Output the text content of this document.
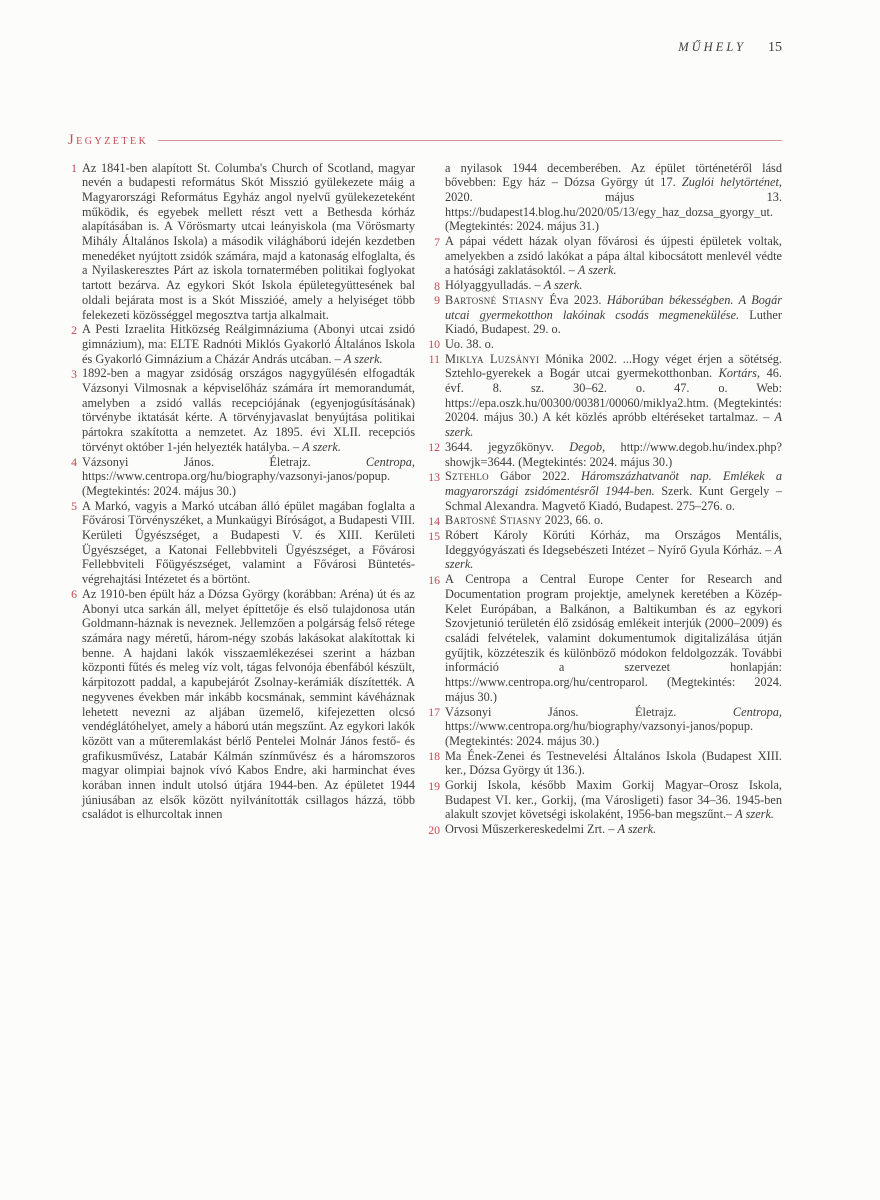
MŰHELY 15
Jegyzetek
1 Az 1841-ben alapított St. Columba's Church of Scotland, magyar nevén a budapesti református Skót Misszió gyülekezete máig a Magyarországi Református Egyház angol nyelvű gyülekezeteként működik, és egyebek mellett részt vett a Bethesda kórház alapításában is. A Vörösmarty utcai leányiskola (ma Vörösmarty Mihály Általános Iskola) a második világháború idején kezdetben menedéket nyújtott zsidók számára, majd a katonaság elfoglalta, és a Nyilaskeresztes Párt az iskola tornatermében politikai foglyokat tartott bezárva. Az egykori Skót Iskola épületegyüttesének bal oldali bejárata most is a Skót Misszióé, amely a helyiséget több felekezeti közösséggel megosztva tartja alkalmait.
2 A Pesti Izraelita Hitközség Reálgimnáziuma (Abonyi utcai zsidó gimnázium), ma: ELTE Radnóti Miklós Gyakorló Általános Iskola és Gyakorló Gimnázium a Cházár András utcában. – A szerk.
3 1892-ben a magyar zsidóság országos nagygyűlésén elfogadták Vázsonyi Vilmosnak a képviselőház számára írt memorandumát, amelyben a zsidó vallás recepciójának (egyenjogúsításának) törvénybe iktatását kérte. A törvényjavaslat benyújtása politikai pártokra szakította a nemzetet. Az 1895. évi XLII. recepciós törvényt október 1-jén helyezték hatályba. – A szerk.
4 Vázsonyi János. Életrajz. Centropa, https://www.centropa.org/hu/biography/vazsonyi-janos/popup. (Megtekintés: 2024. május 30.)
5 A Markó, vagyis a Markó utcában álló épület magában foglalta a Fővárosi Törvényszéket, a Munkaügyi Bíróságot, a Budapesti VIII. Kerületi Ügyészséget, a Budapesti V. és XIII. Kerületi Ügyészséget, a Katonai Fellebbviteli Ügyészséget, a Fővárosi Fellebbviteli Főügyészséget, valamint a Fővárosi Büntetés-végrehajtási Intézetet és a börtönt.
6 Az 1910-ben épült ház a Dózsa György (korábban: Aréna) út és az Abonyi utca sarkán áll, melyet építtetője és első tulajdonosa után Goldmann-háznak is neveznek. Jellemzően a polgárság felső rétege számára nagy méretű, három-négy szobás lakásokat alakítottak ki benne. A hajdani lakók visszaemlékezései szerint a házban központi fűtés és meleg víz volt, tágas felvonója ébenfából készült, kárpitozott paddal, a kapubejárót Zsolnay-kerámiák díszítették. A negyvenes években már inkább kocsmának, semmint kávéháznak lehetett nevezni az aljában üzemelő, kifejezetten olcsó vendéglátóhelyet, amely a háború után megszűnt. Az egykori lakók között van a műteremlakást bérlő Pentelei Molnár János festő- és grafikusművész, Latabár Kálmán színművész és a háromszoros magyar olimpiai bajnok vívó Kabos Endre, aki harminchat éves korában innen indult utolsó útjára 1944-ben. Az épületet 1944 júniusában az elsők között nyilvánították csillagos házzá, több családot is elhurcoltak innen
a nyilasok 1944 decemberében. Az épület történetéről lásd bővebben: Egy ház – Dózsa György út 17. Zuglói helytörténet, 2020. május 13. https://budapest14.blog.hu/2020/05/13/egy_haz_dozsa_gyorgy_ut. (Megtekintés: 2024. május 31.)
7 A pápai védett házak olyan fővárosi és újpesti épületek voltak, amelyekben a zsidó lakókat a pápa által kibocsátott menlevél védte a hatósági zaklatásoktól. – A szerk.
8 Hólyaggyulladás. – A szerk.
9 Bartosné Stiasny Éva 2023. Háborúban békességben. A Bogár utcai gyermekotthon lakóinak csodás megmenekülése. Luther Kiadó, Budapest. 29. o.
10 Uo. 38. o.
11 Miklya Luzsányi Mónika 2002. ...Hogy véget érjen a sötétség. Sztehlo-gyerekek a Bogár utcai gyermekotthonban. Kortárs, 46. évf. 8. sz. 30–62. o. 47. o. Web: https://epa.oszk.hu/00300/00381/00060/miklya2.htm. (Megtekintés: 20204. május 30.) A két közlés apróbb eltéréseket tartalmaz. – A szerk.
12 3644. jegyzőkönyv. Degob, http://www.degob.hu/index.php?showjk=3644. (Megtekintés: 2024. május 30.)
13 Sztehlo Gábor 2022. Háromszázhatvanöt nap. Emlékek a magyarországi zsidómentésről 1944-ben. Szerk. Kunt Gergely – Schmal Alexandra. Magvető Kiadó, Budapest. 275–276. o.
14 Bartosné Stiasny 2023, 66. o.
15 Róbert Károly Körúti Kórház, ma Országos Mentális, Ideggyógyászati és Idegsebészeti Intézet – Nyírő Gyula Kórház. – A szerk.
16 A Centropa a Central Europe Center for Research and Documentation program projektje, amelynek keretében a Közép-Kelet Európában, a Balkánon, a Baltikumban és az egykori Szovjetunió területén élő zsidóság emlékeit interjúk (2000–2009) és családi felvételek, valamint dokumentumok digitalizálása útján gyűjtik, közzéteszik és különböző módokon feldolgozzák. További információ a szervezet honlapján: https://www.centropa.org/hu/centroparol. (Megtekintés: 2024. május 30.)
17 Vázsonyi János. Életrajz. Centropa, https://www.centropa.org/hu/biography/vazsonyi-janos/popup. (Megtekintés: 2024. május 30.)
18 Ma Ének-Zenei és Testnevelési Általános Iskola (Budapest XIII. ker., Dózsa György út 136.).
19 Gorkij Iskola, később Maxim Gorkij Magyar–Orosz Iskola, Budapest VI. ker., Gorkij, (ma Városligeti) fasor 34–36. 1945-ben alakult szovjet követségi iskolaként, 1956-ban megszűnt.– A szerk.
20 Orvosi Műszerkereskedelmi Zrt. – A szerk.
